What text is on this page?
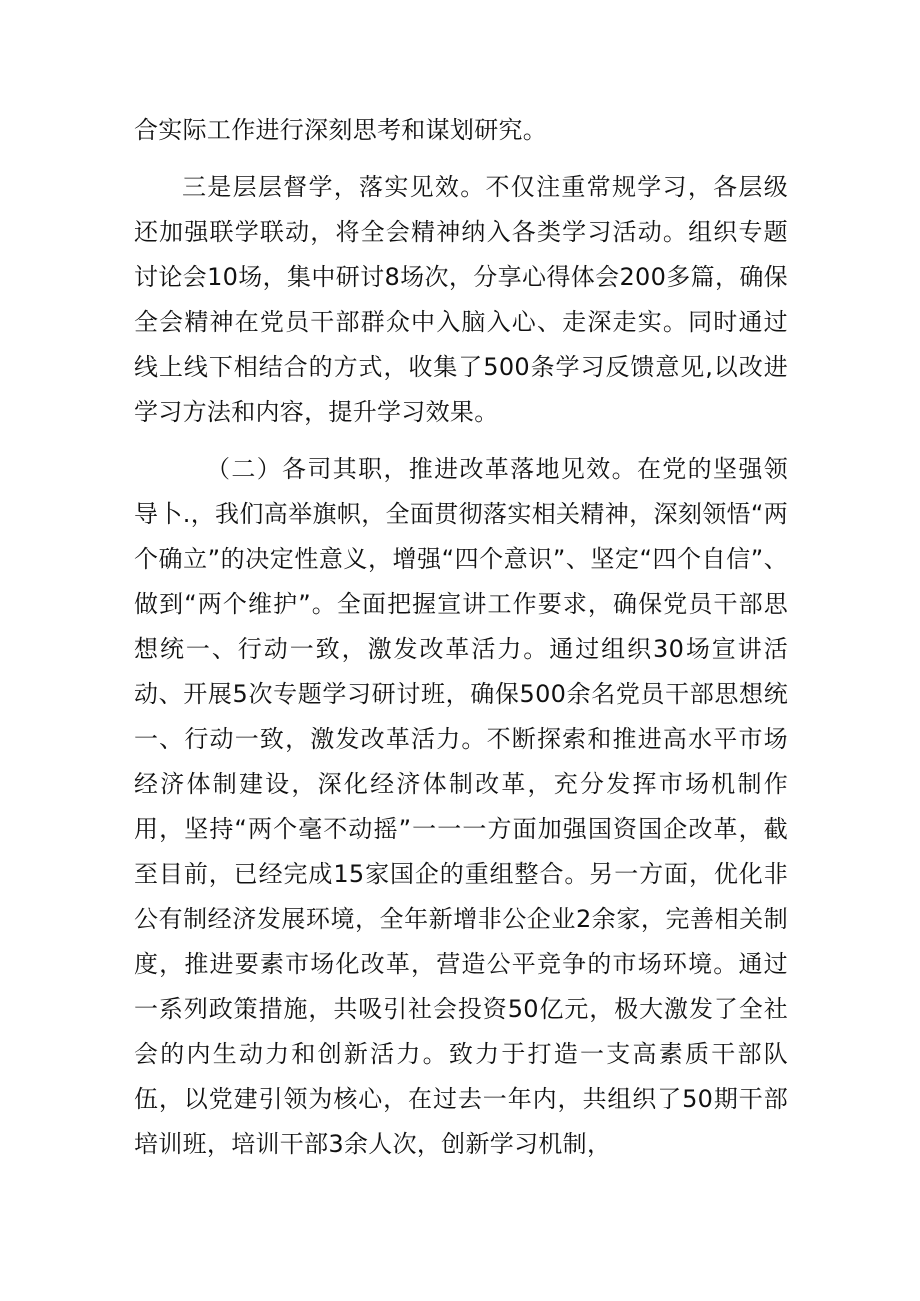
合实际工作进行深刻思考和谋划研究。

三是层层督学，落实见效。不仅注重常规学习，各层级还加强联学联动，将全会精神纳入各类学习活动。组织专题讨论会10场，集中研讨8场次，分享心得体会200多篇，确保全会精神在党员干部群众中入脑入心、走深走实。同时通过线上线下相结合的方式，收集了500条学习反馈意见,以改进学习方法和内容，提升学习效果。

（二）各司其职，推进改革落地见效。在党的坚强领导卜.，我们高举旗帜，全面贯彻落实相关精神，深刻领悟“两个确立”的决定性意义，增强“四个意识”、坚定“四个自信”、做到“两个维护”。全面把握宣讲工作要求，确保党员干部思想统一、行动一致，激发改革活力。通过组织30场宣讲活动、开展5次专题学习研讨班，确保500余名党员干部思想统一、行动一致，激发改革活力。不断探索和推进高水平市场经济体制建设，深化经济体制改革，充分发挥市场机制作用，坚持“两个毫不动摇”一一一方面加强国资国企改革，截至目前，已经完成15家国企的重组整合。另一方面，优化非公有制经济发展环境，全年新增非公企业2余家，完善相关制度，推进要素市场化改革，营造公平竞争的市场环境。通过一系列政策措施，共吸引社会投资50亿元，极大激发了全社会的内生动力和创新活力。致力于打造一支高素质干部队伍，以党建引领为核心，在过去一年内，共组织了50期干部培训班，培训干部3余人次，创新学习机制，
